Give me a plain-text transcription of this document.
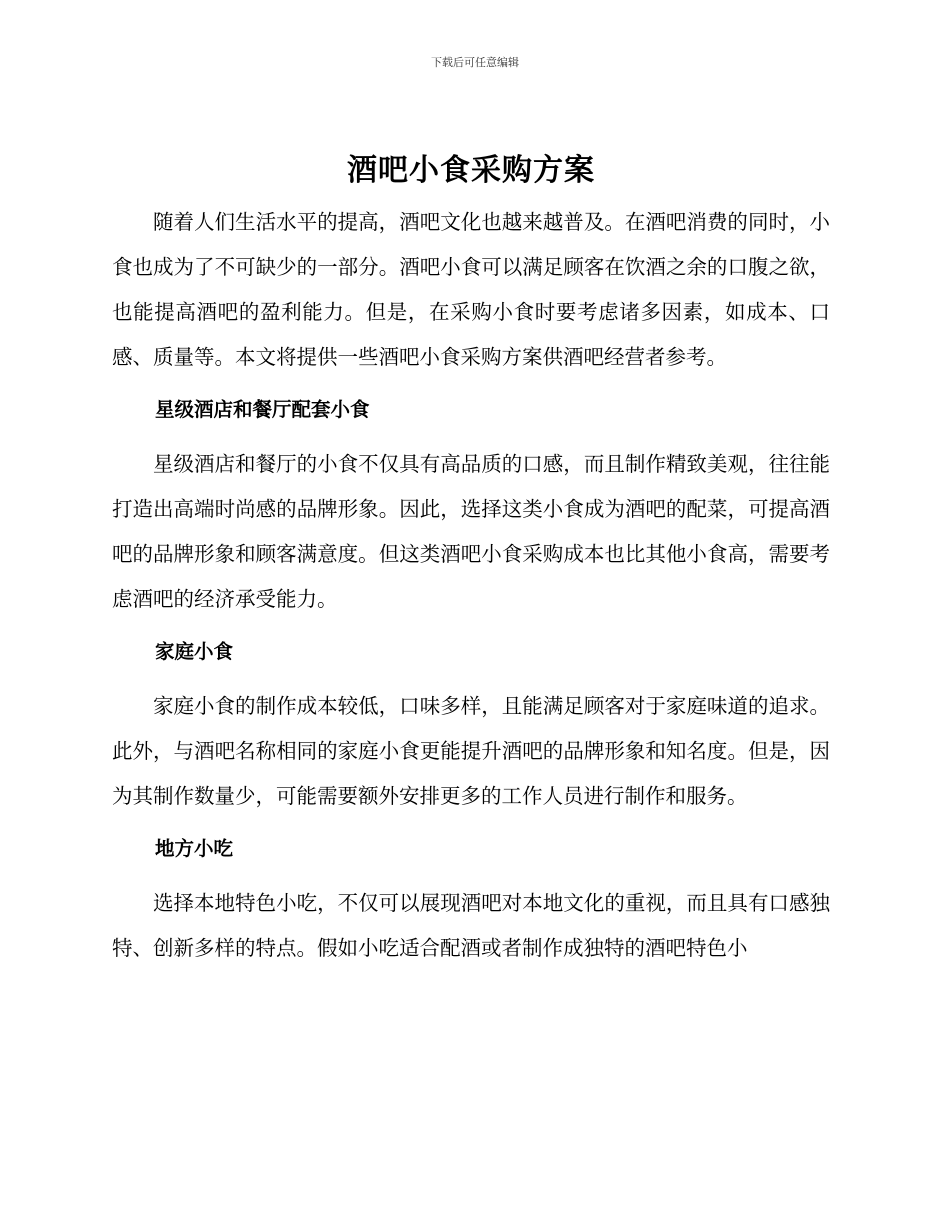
下载后可任意编辑

酒吧小食采购方案

随着人们生活水平的提高，酒吧文化也越来越普及。在酒吧消费的同时，小食也成为了不可缺少的一部分。酒吧小食可以满足顾客在饮酒之余的口腹之欲，也能提高酒吧的盈利能力。但是，在采购小食时要考虑诸多因素，如成本、口感、质量等。本文将提供一些酒吧小食采购方案供酒吧经营者参考。

星级酒店和餐厅配套小食

星级酒店和餐厅的小食不仅具有高品质的口感，而且制作精致美观，往往能打造出高端时尚感的品牌形象。因此，选择这类小食成为酒吧的配菜，可提高酒吧的品牌形象和顾客满意度。但这类酒吧小食采购成本也比其他小食高，需要考虑酒吧的经济承受能力。

家庭小食

家庭小食的制作成本较低，口味多样，且能满足顾客对于家庭味道的追求。此外，与酒吧名称相同的家庭小食更能提升酒吧的品牌形象和知名度。但是，因为其制作数量少，可能需要额外安排更多的工作人员进行制作和服务。

地方小吃

选择本地特色小吃，不仅可以展现酒吧对本地文化的重视，而且具有口感独特、创新多样的特点。假如小吃适合配酒或者制作成独特的酒吧特色小
